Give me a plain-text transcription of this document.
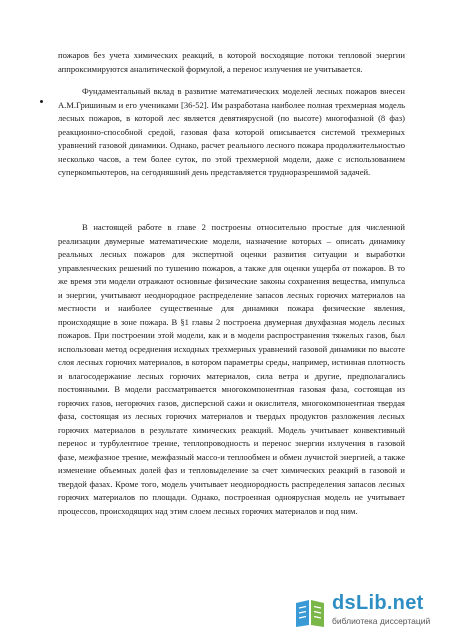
пожаров без учета химических реакций, в которой восходящие потоки тепловой энергии аппроксимируются аналитической формулой, а перенос излучения не учитывается.

Фундаментальный вклад в развитие математических моделей лесных пожаров внесен А.М.Гришиным и его учениками [36-52]. Им разработана наиболее полная трехмерная модель лесных пожаров, в которой лес является девятиярусной (по высоте) многофазной (8 фаз) реакционно-способной средой, газовая фаза которой описывается системой трехмерных уравнений газовой динамики. Однако, расчет реального лесного пожара продолжительностью несколько часов, а тем более суток, по этой трехмерной модели, даже с использованием суперкомпьютеров, на сегодняшний день представляется трудноразрешимой задачей.

В настоящей работе в главе 2 построены относительно простые для численной реализации двумерные математические модели, назначение которых – описать динамику реальных лесных пожаров для экспертной оценки развития ситуации и выработки управленческих решений по тушению пожаров, а также для оценки ущерба от пожаров. В то же время эти модели отражают основные физические законы сохранения вещества, импульса и энергии, учитывают неоднородное распределение запасов лесных горючих материалов на местности и наиболее существенные для динамики пожара физические явления, происходящие в зоне пожара. В §1 главы 2 построена двумерная двухфазная модель лесных пожаров. При построении этой модели, как и в модели распространения тяжелых газов, был использован метод осреднения исходных трехмерных уравнений газовой динамики по высоте слоя лесных горючих материалов, в котором параметры среды, например, истинная плотность и влагосодержание лесных горючих материалов, сила ветра и другие, предполагались постоянными. В модели рассматривается многокомпонентная газовая фаза, состоящая из горючих газов, негорючих газов, дисперсной сажи и окислителя, многокомпонентная твердая фаза, состоящая из лесных горючих материалов и твердых продуктов разложения лесных горючих материалов в результате химических реакций. Модель учитывает конвективный перенос и турбулентное трение, теплопроводность и перенос энергии излучения в газовой фазе, межфазное трение, межфазный массо-и теплообмен и обмен лучистой энергией, а также изменение объемных долей фаз и тепловыделение за счет химических реакций в газовой и твердой фазах. Кроме того, модель учитывает неоднородность распределения запасов лесных горючих материалов по площади. Однако, построенная одноярусная модель не учитывает процессов, происходящих над этим слоем лесных горючих материалов и под ним.

dsLib.net
библиотека диссертаций
